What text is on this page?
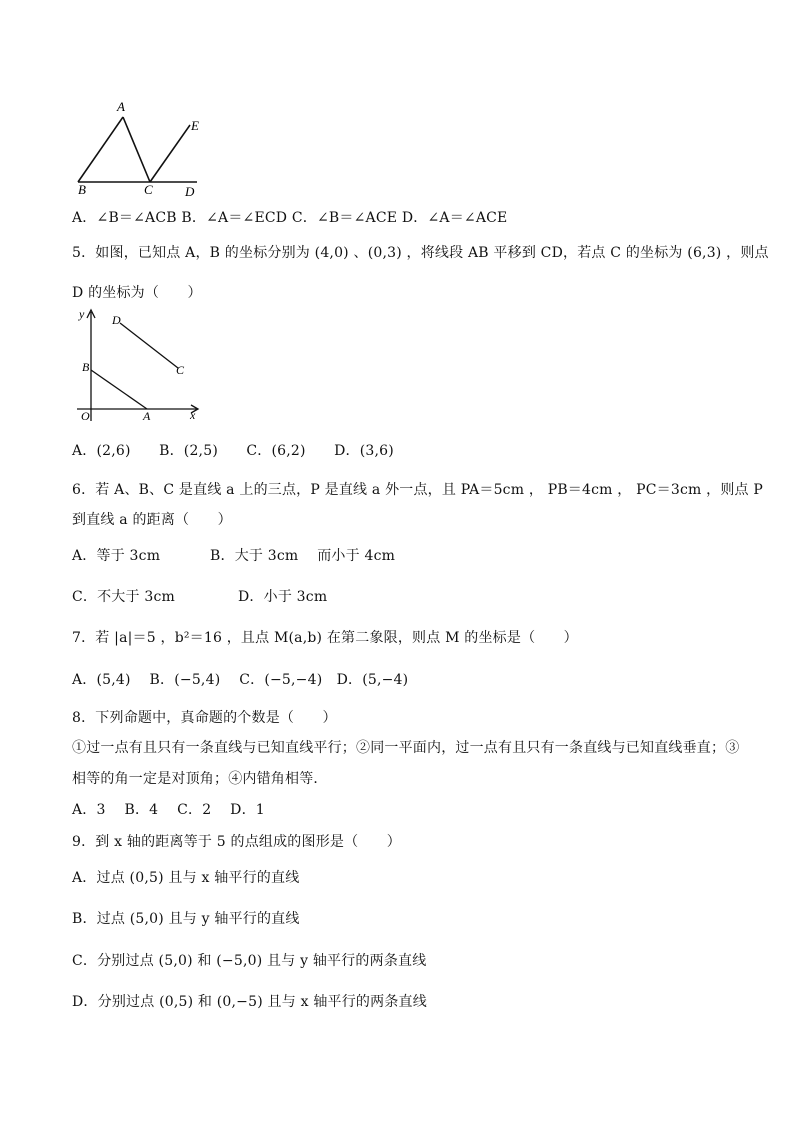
A
E
B	C D
A．∠B＝∠ACB B．∠A＝∠ECD C．∠B＝∠ACE D．∠A＝∠ACE
5．如图，已知点 A，B 的坐标分别为 (4,0) 、(0,3) ，将线段 AB 平移到 CD，若点 C 的坐标为 (6,3) ，则点
D 的坐标为（　　）
y D
B	C
O	A	x
A．(2,6)　　B．(2,5)　　C．(6,2)　　D．(3,6)
6．若 A、B、C 是直线 a 上的三点，P 是直线 a 外一点，且 PA＝5cm ， PB＝4cm ， PC＝3cm ，则点 P
到直线 a 的距离（　　）
A．等于 3cm	B．大于 3cm　 而小于 4cm
C．不大于 3cm	D．小于 3cm
7．若 |a|＝5 ，b²＝16 ，且点 M(a,b) 在第二象限，则点 M 的坐标是（　　）
A．(5,4)　 B．(−5,4)　 C．(−5,−4)　D．(5,−4)
8．下列命题中，真命题的个数是（　　）
①过一点有且只有一条直线与已知直线平行；②同一平面内，过一点有且只有一条直线与已知直线垂直；③
相等的角一定是对顶角；④内错角相等．
A．3　 B．4　 C．2　 D．1
9．到 x 轴的距离等于 5 的点组成的图形是（　　）
A．过点 (0,5) 且与 x 轴平行的直线
B．过点 (5,0) 且与 y 轴平行的直线
C．分别过点 (5,0) 和 (−5,0) 且与 y 轴平行的两条直线
D．分别过点 (0,5) 和 (0,−5) 且与 x 轴平行的两条直线
